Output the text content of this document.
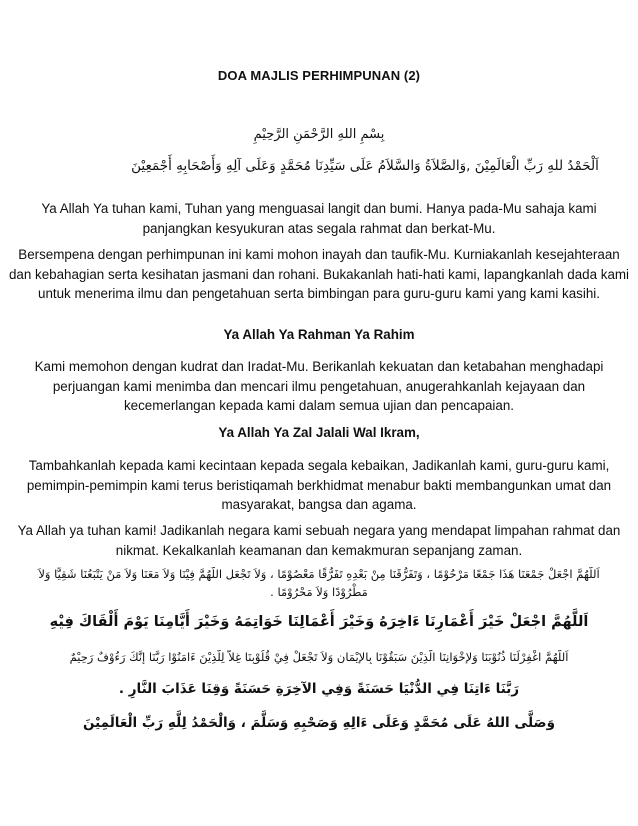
DOA MAJLIS PERHIMPUNAN (2)
بِسْمِ اللهِ الرَّحْمَنِ الرَّحِيْمِ
اَلْحَمْدُ للهِ رَبِّ الْعَالَمِيْنَ ,وَالصَّلاَةُ وَالسَّلاَمُ عَلَى سَيِّدِنَا مُحَمَّدٍ وَعَلَى آلِهِ وَأَصْحَابِهِ أَجْمَعِيْنَ
Ya Allah Ya tuhan kami, Tuhan yang menguasai langit dan bumi. Hanya pada-Mu sahaja kami panjangkan kesyukuran atas segala rahmat dan berkat-Mu.
Bersempena dengan perhimpunan ini kami mohon inayah dan taufik-Mu. Kurniakanlah kesejahteraan dan kebahagian serta kesihatan jasmani dan rohani. Bukakanlah hati-hati kami, lapangkanlah dada kami untuk menerima ilmu dan pengetahuan serta bimbingan para guru-guru kami yang kami kasihi.
Ya Allah Ya Rahman Ya Rahim
Kami memohon dengan kudrat dan Iradat-Mu. Berikanlah kekuatan dan ketabahan menghadapi perjuangan kami menimba dan mencari ilmu pengetahuan, anugerahkanlah kejayaan dan kecemerlangan kepada kami dalam semua ujian dan pencapaian.
Ya Allah Ya Zal Jalali Wal Ikram,
Tambahkanlah kepada kami kecintaan kepada segala kebaikan, Jadikanlah kami, guru-guru kami, pemimpin-pemimpin kami terus beristiqamah berkhidmat menabur bakti membangunkan umat dan masyarakat, bangsa dan agama.
Ya Allah ya tuhan kami! Jadikanlah negara kami sebuah negara yang mendapat limpahan rahmat dan nikmat. Kekalkanlah keamanan dan kemakmuran sepanjang zaman.
اَللَّهُمَّ اجْعَلْ جَمْعَنَا هَذَا جَمْعًا مَرْحُوْمًا ، وَتَفَرُّقَنَا مِنْ بَعْدِهِ تَفَرُّقًا مَعْصُوْمًا ، وَلاَ تَجْعَلِ اللَّهُمَّ فِيْنَا وَلاَ مَعَنَا وَلاَ مَنْ يَتْبَعُنَا شَقِيًّا وَلاَ
مَطْرُوْدًا وَلاَ مَحْرُوْمًا .
اَللَّهُمَّ اجْعَلْ خَيْرَ أَعْمَارِنَا ءَاخِرَهُ وَخَيْرَ أَعْمَالِنَا خَوَاتِمَهُ وَخَيْرَ أَيَّامِنَا يَوْمَ أَلْقَاكَ فِيْهِ
اَللَّهُمَّ اغْفِرْلَنَا ذُنُوْبَنَا وَلإِخْوَانِنَا الَّذِيْنَ سَبَقُوْنَا بِالإِيْمَانِ وَلاَ تَجْعَلْ فِيْ قُلُوْبِنَا غِلاًّ لِلَّذِيْنَ ءَامَنُوْا رَبَّنَا إِنَّكَ رَءُوْفٌ رَحِيْمٌ
رَبَّنَا ءَاتِنَا فِي الدُّنْيَا حَسَنَةً وَفِي الآخِرَةِ حَسَنَةً وَقِنَا عَذَابَ النَّارِ .
وَصَلَّى اللهُ عَلَى مُحَمَّدٍ وَعَلَى ءَالِهِ وَصَحْبِهِ وَسَلَّمَ ، وَالْحَمْدُ لِلَّهِ رَبِّ الْعَالَمِيْنَ
